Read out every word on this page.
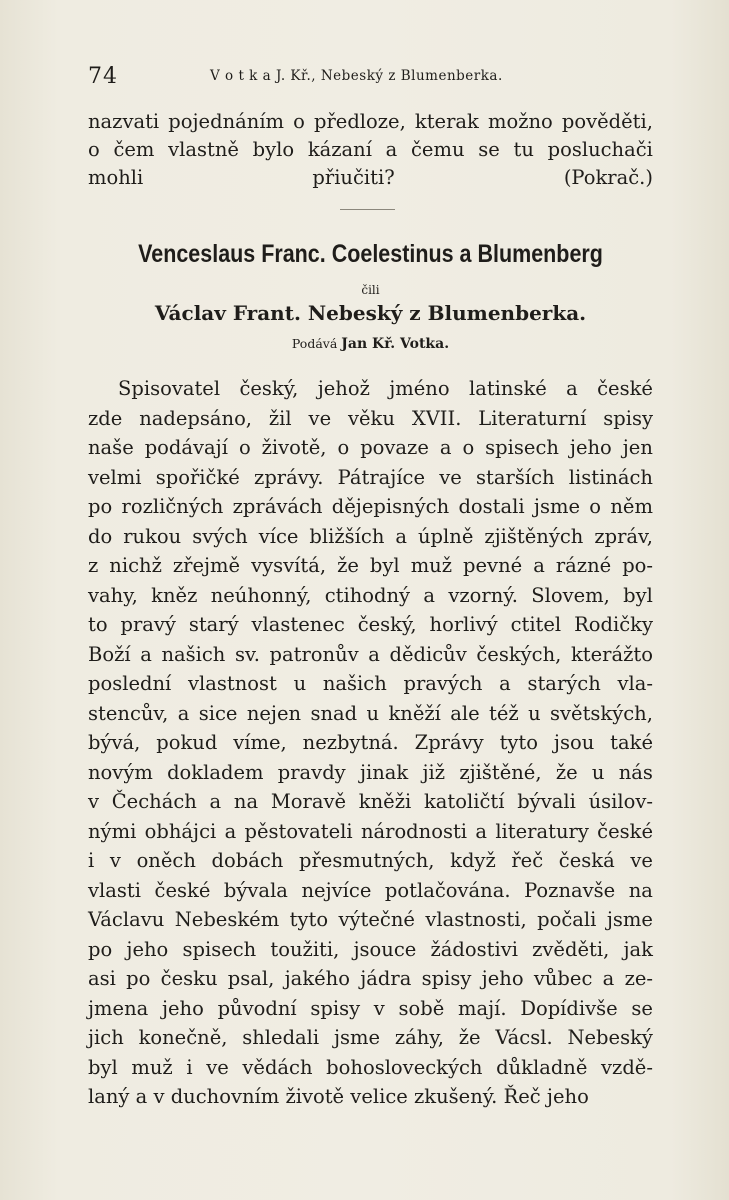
74	V o t k a J. Kř., Nebeský z Blumenberka.
nazvati pojednáním o předloze, kterak možno pověděti,
o čem vlastně bylo kázaní a čemu se tu posluchači
mohli	přiučiti?	(Pokrač.)
Venceslaus Franc. Coelestinus a Blumenberg
čili
Václav Frant. Nebeský z Blumenberka.
Podává Jan Kř. Votka.
Spisovatel český, jehož jméno latinské a české
zde nadepsáno, žil ve věku XVII. Literaturní spisy
naše podávají o životě, o povaze a o spisech jeho jen
velmi spořičké zprávy. Pátrajíce ve starších listinách
po rozličných zprávách dějepisných dostali jsme o něm
do rukou svých více bližších a úplně zjištěných zpráv,
z nichž zřejmě vysvítá, že byl muž pevné a rázné po-
vahy, kněz neúhonný, ctihodný a vzorný. Slovem, byl
to pravý starý vlastenec český, horlivý ctitel Rodičky
Boží a našich sv. patronův a dědicův českých, kterážto
poslední vlastnost u našich pravých a starých vla-
stencův, a sice nejen snad u kněží ale též u světských,
bývá, pokud víme, nezbytná. Zprávy tyto jsou také
novým dokladem pravdy jinak již zjištěné, že u nás
v Čechách a na Moravě kněži katoličtí bývali úsilov-
nými obhájci a pěstovateli národnosti a literatury české
i v oněch dobách přesmutných, když řeč česká ve
vlasti české bývala nejvíce potlačována. Poznavše na
Václavu Nebeském tyto výtečné vlastnosti, počali jsme
po jeho spisech toužiti, jsouce žádostivi zvěděti, jak
asi po česku psal, jakého jádra spisy jeho vůbec a ze-
jmena jeho původní spisy v sobě mají. Dopídivše se
jich konečně, shledali jsme záhy, že Vácsl. Nebeský
byl muž i ve vědách bohosloveckých důkladně vzdě-
laný a v duchovním životě velice zkušený. Řeč jeho
